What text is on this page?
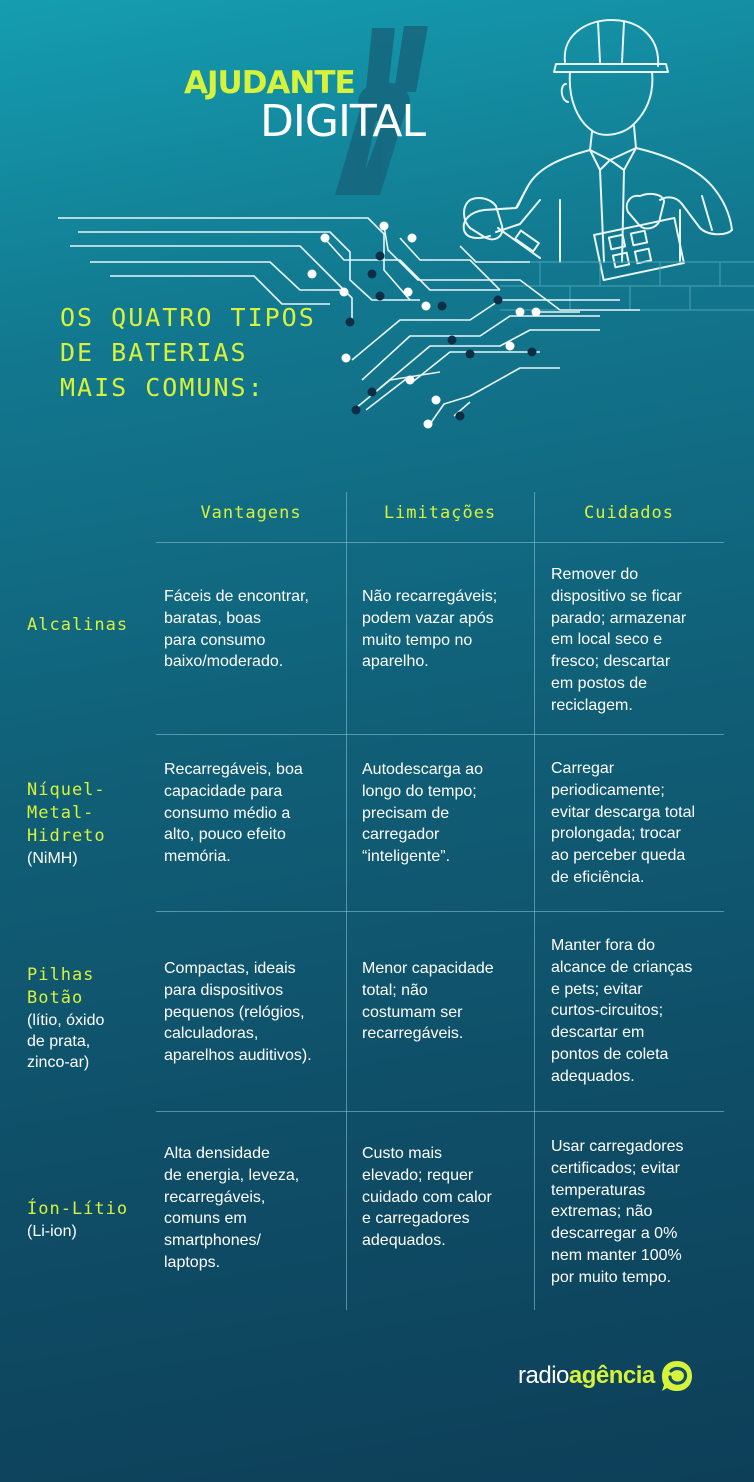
AJUDANTE
DIGITAL
OS QUATRO TIPOS
DE BATERIAS
MAIS COMUNS:
Vantagens	Limitações	Cuidados
Alcalinas
Fáceis de encontrar,
baratas, boas
para consumo
baixo/moderado.
Não recarregáveis;
podem vazar após
muito tempo no
aparelho.
Remover do
dispositivo se ficar
parado; armazenar
em local seco e
fresco; descartar
em postos de
reciclagem.
Níquel-
Metal-
Hidreto
(NiMH)
Recarregáveis, boa
capacidade para
consumo médio a
alto, pouco efeito
memória.
Autodescarga ao
longo do tempo;
precisam de
carregador
“inteligente”.
Carregar
periodicamente;
evitar descarga total
prolongada; trocar
ao perceber queda
de eficiência.
Pilhas
Botão
(lítio, óxido
de prata,
zinco-ar)
Compactas, ideais
para dispositivos
pequenos (relógios,
calculadoras,
aparelhos auditivos).
Menor capacidade
total; não
costumam ser
recarregáveis.
Manter fora do
alcance de crianças
e pets; evitar
curtos-circuitos;
descartar em
pontos de coleta
adequados.
Íon-Lítio
(Li-ion)
Alta densidade
de energia, leveza,
recarregáveis,
comuns em
smartphones/
laptops.
Custo mais
elevado; requer
cuidado com calor
e carregadores
adequados.
Usar carregadores
certificados; evitar
temperaturas
extremas; não
descarregar a 0%
nem manter 100%
por muito tempo.
radioagência
